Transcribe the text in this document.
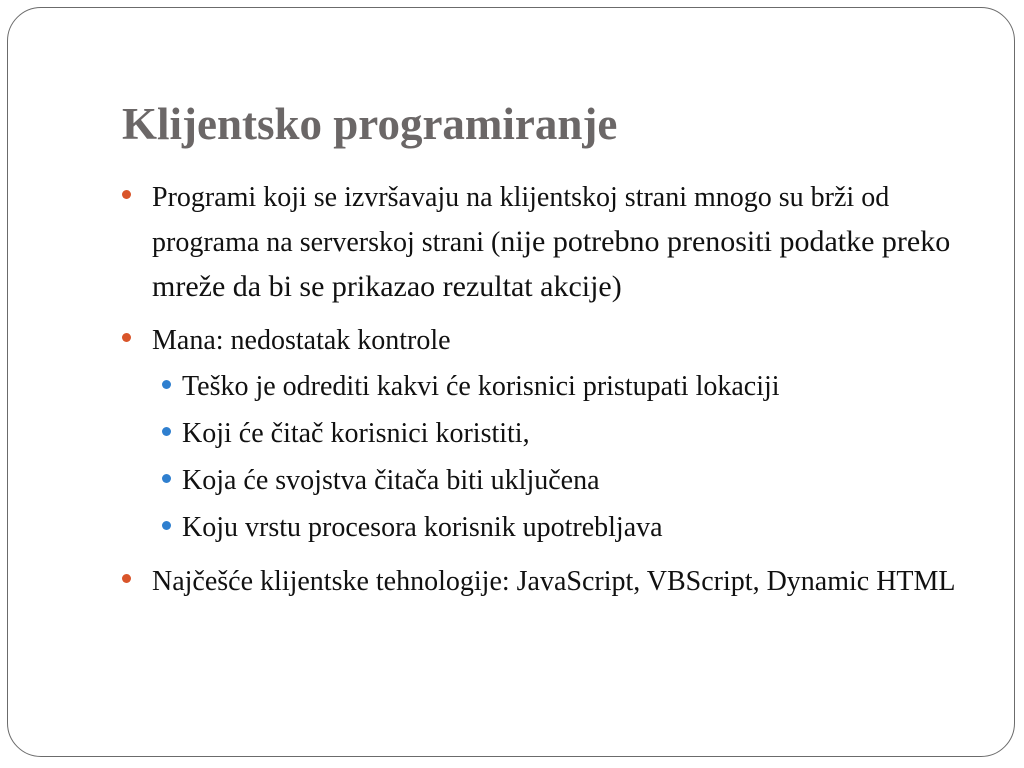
Klijentsko programiranje
Programi koji se izvršavaju na klijentskoj strani mnogo su brži od programa na serverskoj strani (nije potrebno prenositi podatke preko mreže da bi se prikazao rezultat akcije)
Mana: nedostatak kontrole
Teško je odrediti kakvi će korisnici pristupati lokaciji
Koji će čitač korisnici koristiti,
Koja će svojstva čitača biti uključena
Koju vrstu procesora korisnik upotrebljava
Najčešće klijentske tehnologije: JavaScript, VBScript, Dynamic HTML
